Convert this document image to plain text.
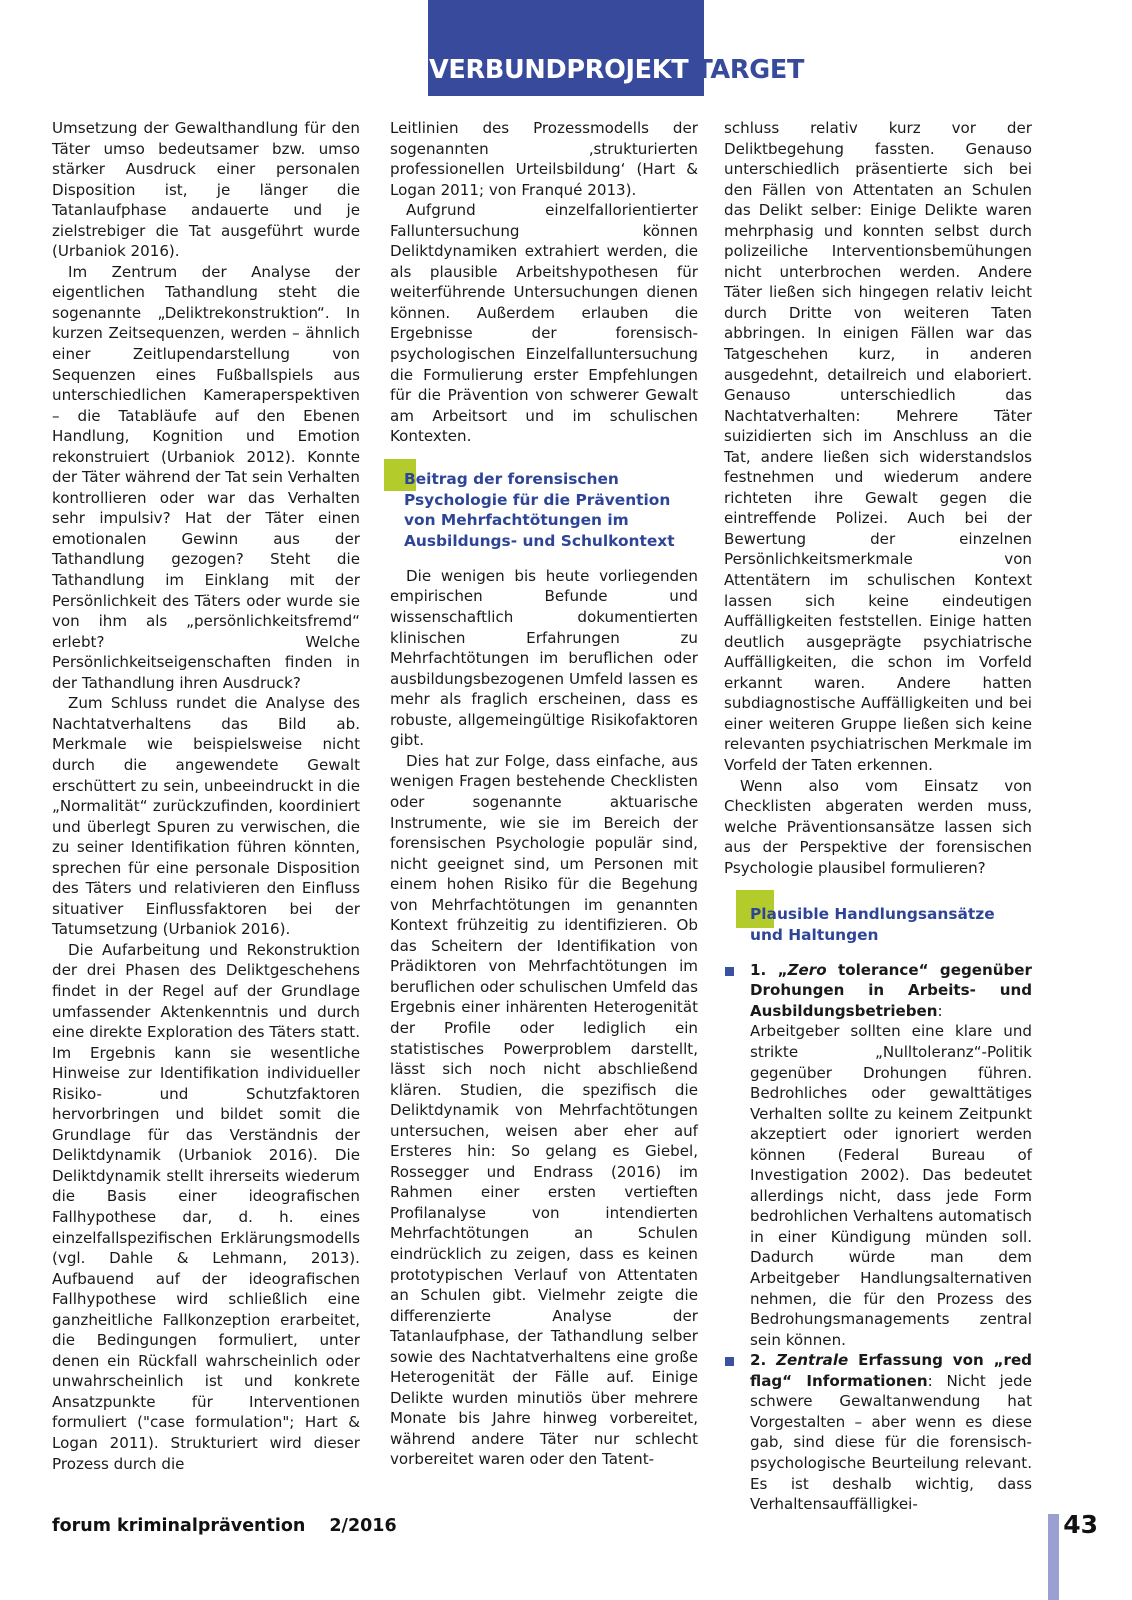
VERBUNDPROJEKT TARGET

Umsetzung der Gewalthandlung für den Täter umso bedeutsamer bzw. umso stärker Ausdruck einer personalen Disposition ist, je länger die Tatanlaufphase andauerte und je zielstrebiger die Tat ausgeführt wurde (Urbaniok 2016).

Im Zentrum der Analyse der eigentlichen Tathandlung steht die sogenannte „Deliktrekonstruktion“. In kurzen Zeitsequenzen, werden – ähnlich einer Zeitlupendarstellung von Sequenzen eines Fußballspiels aus unterschiedlichen Kameraperspektiven – die Tatabläufe auf den Ebenen Handlung, Kognition und Emotion rekonstruiert (Urbaniok 2012). Konnte der Täter während der Tat sein Verhalten kontrollieren oder war das Verhalten sehr impulsiv? Hat der Täter einen emotionalen Gewinn aus der Tathandlung gezogen? Steht die Tathandlung im Einklang mit der Persönlichkeit des Täters oder wurde sie von ihm als „persönlichkeitsfremd“ erlebt? Welche Persönlichkeitseigenschaften finden in der Tathandlung ihren Ausdruck?

Zum Schluss rundet die Analyse des Nachtatverhaltens das Bild ab. Merkmale wie beispielsweise nicht durch die angewendete Gewalt erschüttert zu sein, unbeeindruckt in die „Normalität“ zurückzufinden, koordiniert und überlegt Spuren zu verwischen, die zu seiner Identifikation führen könnten, sprechen für eine personale Disposition des Täters und relativieren den Einfluss situativer Einflussfaktoren bei der Tatumsetzung (Urbaniok 2016).

Die Aufarbeitung und Rekonstruktion der drei Phasen des Deliktgeschehens findet in der Regel auf der Grundlage umfassender Aktenkenntnis und durch eine direkte Exploration des Täters statt. Im Ergebnis kann sie wesentliche Hinweise zur Identifikation individueller Risiko- und Schutzfaktoren hervorbringen und bildet somit die Grundlage für das Verständnis der Deliktdynamik (Urbaniok 2016). Die Deliktdynamik stellt ihrerseits wiederum die Basis einer ideografischen Fallhypothese dar, d. h. eines einzelfallspezifischen Erklärungsmodells (vgl. Dahle & Lehmann, 2013). Aufbauend auf der ideografischen Fallhypothese wird schließlich eine ganzheitliche Fallkonzeption erarbeitet, die Bedingungen formuliert, unter denen ein Rückfall wahrscheinlich oder unwahrscheinlich ist und konkrete Ansatzpunkte für Interventionen formuliert ("case formulation"; Hart & Logan 2011). Strukturiert wird dieser Prozess durch die

Leitlinien des Prozessmodells der sogenannten ‚strukturierten professionellen Urteilsbildung‘ (Hart & Logan 2011; von Franqué 2013).

Aufgrund einzelfallorientierter Falluntersuchung können Deliktdynamiken extrahiert werden, die als plausible Arbeitshypothesen für weiterführende Untersuchungen dienen können. Außerdem erlauben die Ergebnisse der forensisch-psychologischen Einzelfalluntersuchung die Formulierung erster Empfehlungen für die Prävention von schwerer Gewalt am Arbeitsort und im schulischen Kontexten.

Beitrag der forensischen Psychologie für die Prävention von Mehrfachtötungen im Ausbildungs- und Schulkontext

Die wenigen bis heute vorliegenden empirischen Befunde und wissenschaftlich dokumentierten klinischen Erfahrungen zu Mehrfachtötungen im beruflichen oder ausbildungsbezogenen Umfeld lassen es mehr als fraglich erscheinen, dass es robuste, allgemeingültige Risikofaktoren gibt.

Dies hat zur Folge, dass einfache, aus wenigen Fragen bestehende Checklisten oder sogenannte aktuarische Instrumente, wie sie im Bereich der forensischen Psychologie populär sind, nicht geeignet sind, um Personen mit einem hohen Risiko für die Begehung von Mehrfachtötungen im genannten Kontext frühzeitig zu identifizieren. Ob das Scheitern der Identifikation von Prädiktoren von Mehrfachtötungen im beruflichen oder schulischen Umfeld das Ergebnis einer inhärenten Heterogenität der Profile oder lediglich ein statistisches Powerproblem darstellt, lässt sich noch nicht abschließend klären. Studien, die spezifisch die Deliktdynamik von Mehrfachtötungen untersuchen, weisen aber eher auf Ersteres hin: So gelang es Giebel, Rossegger und Endrass (2016) im Rahmen einer ersten vertieften Profilanalyse von intendierten Mehrfachtötungen an Schulen eindrücklich zu zeigen, dass es keinen prototypischen Verlauf von Attentaten an Schulen gibt. Vielmehr zeigte die differenzierte Analyse der Tatanlaufphase, der Tathandlung selber sowie des Nachtatverhaltens eine große Heterogenität der Fälle auf. Einige Delikte wurden minutiös über mehrere Monate bis Jahre hinweg vorbereitet, während andere Täter nur schlecht vorbereitet waren oder den Tatent-

schluss relativ kurz vor der Deliktbegehung fassten. Genauso unterschiedlich präsentierte sich bei den Fällen von Attentaten an Schulen das Delikt selber: Einige Delikte waren mehrphasig und konnten selbst durch polizeiliche Interventionsbemühungen nicht unterbrochen werden. Andere Täter ließen sich hingegen relativ leicht durch Dritte von weiteren Taten abbringen. In einigen Fällen war das Tatgeschehen kurz, in anderen ausgedehnt, detailreich und elaboriert. Genauso unterschiedlich das Nachtatverhalten: Mehrere Täter suizidierten sich im Anschluss an die Tat, andere ließen sich widerstandslos festnehmen und wiederum andere richteten ihre Gewalt gegen die eintreffende Polizei. Auch bei der Bewertung der einzelnen Persönlichkeitsmerkmale von Attentätern im schulischen Kontext lassen sich keine eindeutigen Auffälligkeiten feststellen. Einige hatten deutlich ausgeprägte psychiatrische Auffälligkeiten, die schon im Vorfeld erkannt waren. Andere hatten subdiagnostische Auffälligkeiten und bei einer weiteren Gruppe ließen sich keine relevanten psychiatrischen Merkmale im Vorfeld der Taten erkennen.

Wenn also vom Einsatz von Checklisten abgeraten werden muss, welche Präventionsansätze lassen sich aus der Perspektive der forensischen Psychologie plausibel formulieren?

Plausible Handlungsansätze und Haltungen

1. „Zero tolerance“ gegenüber Drohungen in Arbeits- und Ausbildungsbetrieben: Arbeitgeber sollten eine klare und strikte „Nulltoleranz“-Politik gegenüber Drohungen führen. Bedrohliches oder gewalttätiges Verhalten sollte zu keinem Zeitpunkt akzeptiert oder ignoriert werden können (Federal Bureau of Investigation 2002). Das bedeutet allerdings nicht, dass jede Form bedrohlichen Verhaltens automatisch in einer Kündigung münden soll. Dadurch würde man dem Arbeitgeber Handlungsalternativen nehmen, die für den Prozess des Bedrohungsmanagements zentral sein können.

2. Zentrale Erfassung von „red flag“ Informationen: Nicht jede schwere Gewaltanwendung hat Vorgestalten – aber wenn es diese gab, sind diese für die forensisch-psychologische Beurteilung relevant. Es ist deshalb wichtig, dass Verhaltensauffälligkei-

forum kriminalprävention 2/2016	43
